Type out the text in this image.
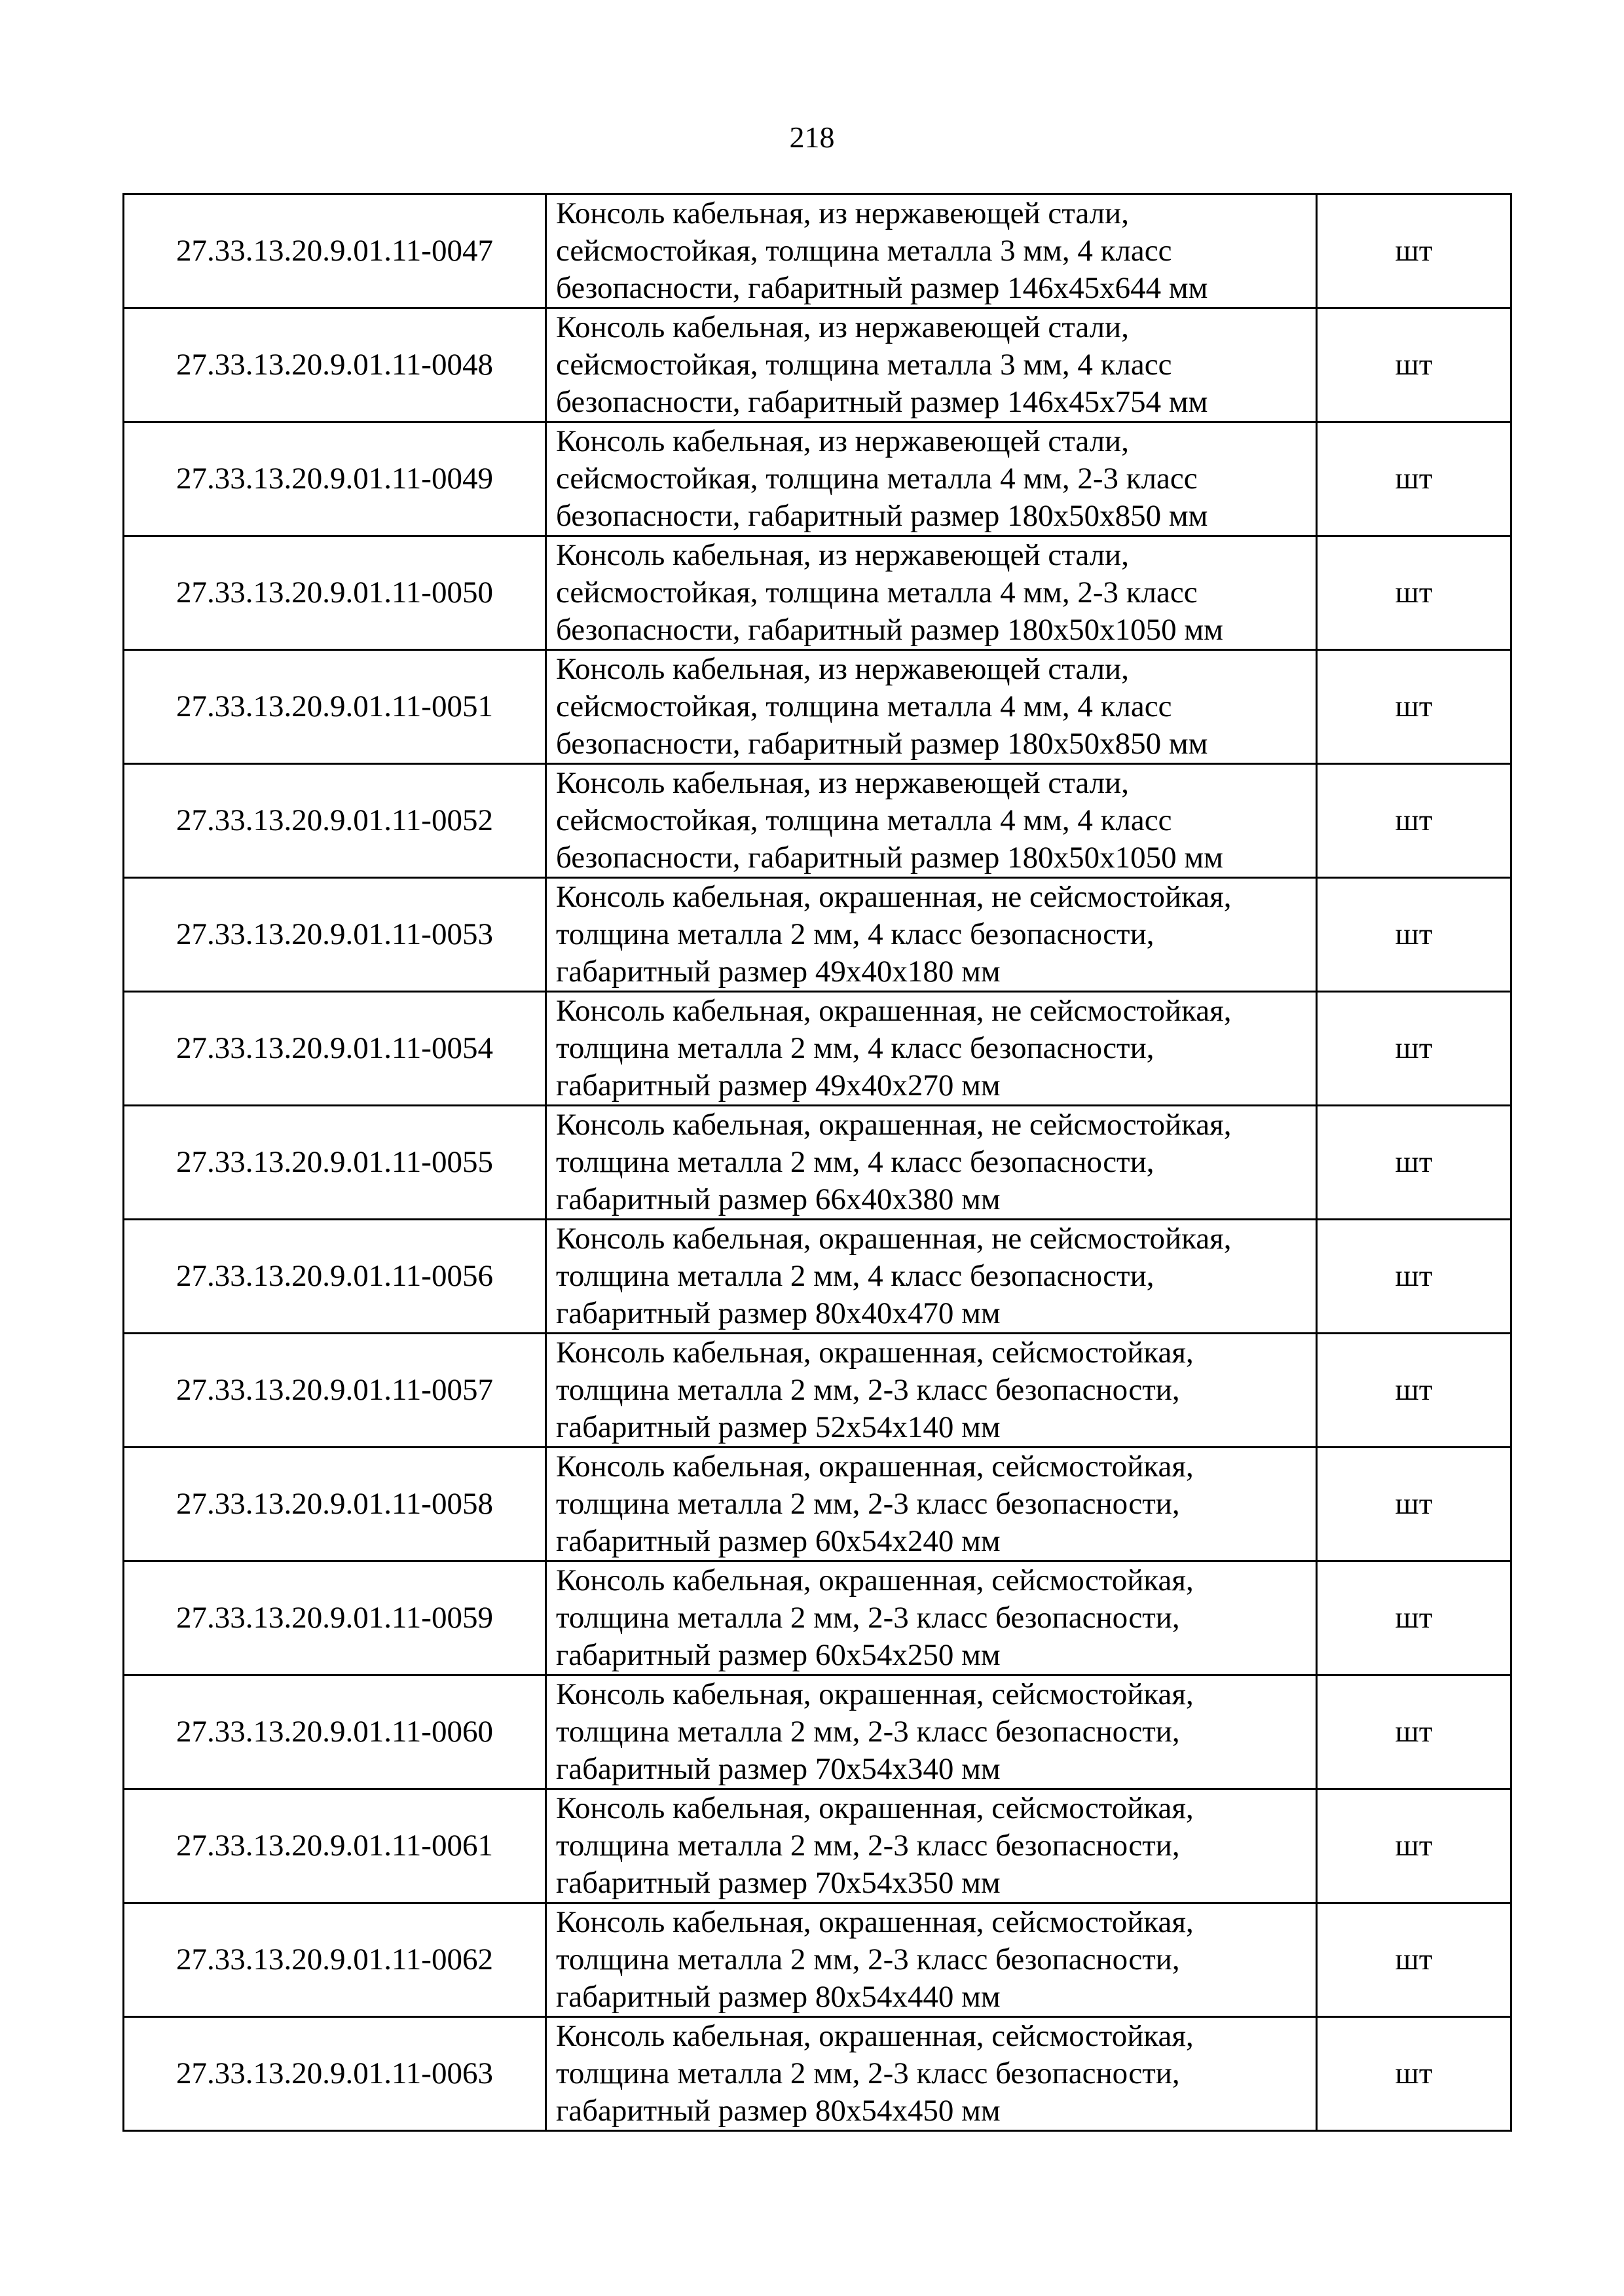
218
27.33.13.20.9.01.11-0047	Консоль кабельная, из нержавеющей стали,
сейсмостойкая, толщина металла 3 мм, 4 класс
безопасности, габаритный размер 146х45х644 мм	шт
27.33.13.20.9.01.11-0048	Консоль кабельная, из нержавеющей стали,
сейсмостойкая, толщина металла 3 мм, 4 класс
безопасности, габаритный размер 146х45х754 мм	шт
27.33.13.20.9.01.11-0049	Консоль кабельная, из нержавеющей стали,
сейсмостойкая, толщина металла 4 мм, 2-3 класс
безопасности, габаритный размер 180х50х850 мм	шт
27.33.13.20.9.01.11-0050	Консоль кабельная, из нержавеющей стали,
сейсмостойкая, толщина металла 4 мм, 2-3 класс
безопасности, габаритный размер 180х50х1050 мм	шт
27.33.13.20.9.01.11-0051	Консоль кабельная, из нержавеющей стали,
сейсмостойкая, толщина металла 4 мм, 4 класс
безопасности, габаритный размер 180х50х850 мм	шт
27.33.13.20.9.01.11-0052	Консоль кабельная, из нержавеющей стали,
сейсмостойкая, толщина металла 4 мм, 4 класс
безопасности, габаритный размер 180х50х1050 мм	шт
27.33.13.20.9.01.11-0053	Консоль кабельная, окрашенная, не сейсмостойкая,
толщина металла 2 мм, 4 класс безопасности,
габаритный размер 49х40х180 мм	шт
27.33.13.20.9.01.11-0054	Консоль кабельная, окрашенная, не сейсмостойкая,
толщина металла 2 мм, 4 класс безопасности,
габаритный размер 49х40х270 мм	шт
27.33.13.20.9.01.11-0055	Консоль кабельная, окрашенная, не сейсмостойкая,
толщина металла 2 мм, 4 класс безопасности,
габаритный размер 66х40х380 мм	шт
27.33.13.20.9.01.11-0056	Консоль кабельная, окрашенная, не сейсмостойкая,
толщина металла 2 мм, 4 класс безопасности,
габаритный размер 80х40х470 мм	шт
27.33.13.20.9.01.11-0057	Консоль кабельная, окрашенная, сейсмостойкая,
толщина металла 2 мм, 2-3 класс безопасности,
габаритный размер 52х54х140 мм	шт
27.33.13.20.9.01.11-0058	Консоль кабельная, окрашенная, сейсмостойкая,
толщина металла 2 мм, 2-3 класс безопасности,
габаритный размер 60х54х240 мм	шт
27.33.13.20.9.01.11-0059	Консоль кабельная, окрашенная, сейсмостойкая,
толщина металла 2 мм, 2-3 класс безопасности,
габаритный размер 60х54х250 мм	шт
27.33.13.20.9.01.11-0060	Консоль кабельная, окрашенная, сейсмостойкая,
толщина металла 2 мм, 2-3 класс безопасности,
габаритный размер 70х54х340 мм	шт
27.33.13.20.9.01.11-0061	Консоль кабельная, окрашенная, сейсмостойкая,
толщина металла 2 мм, 2-3 класс безопасности,
габаритный размер 70х54х350 мм	шт
27.33.13.20.9.01.11-0062	Консоль кабельная, окрашенная, сейсмостойкая,
толщина металла 2 мм, 2-3 класс безопасности,
габаритный размер 80х54х440 мм	шт
27.33.13.20.9.01.11-0063	Консоль кабельная, окрашенная, сейсмостойкая,
толщина металла 2 мм, 2-3 класс безопасности,
габаритный размер 80х54х450 мм	шт
